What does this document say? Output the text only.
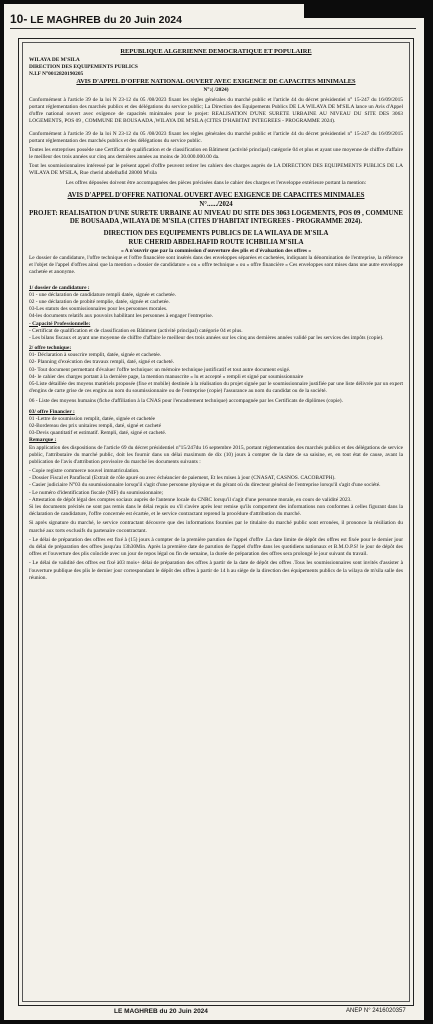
10- LE MAGHREB du 20 Juin 2024
REPUBLIQUE ALGERIENNE DEMOCRATIQUE ET POPULAIRE
WILAYA DE M'SILA
DIRECTION DES EQUIPEMENTS PUBLICS
N.I.F N°0012820190205
AVIS D'APPEL D'OFFRE NATIONAL OUVERT AVEC EXIGENCE DE CAPACITES MINIMALES
N°:( /2024)

Conformément à l'article 39 de la loi N 23-12 du 05 /08/2023 fixant les règles générales du marché public et l'article 44 du décret présidentiel n° 15-247 du 16/09/2015 portant réglementation des marchés publics et des délégations du service public; La Direction des Equipements Publics DE LA WILAYA DE M'SILA lance un Avis d'Appel d'offre national ouvert avec exigence de capacités minimales pour le projet: REALISATION D'UNE SURETE URBAINE AU NIVEAU DU SITE DES 3063 LOGEMENTS, POS 09 , COMMUNE DE BOUSAADA ,WILAYA DE M'SILA (CITES D'HABITAT INTEGREES - PROGRAMME 2024).

Conformément à l'article 39 de la loi N 23-12 du 05 /08/2023 fixant les règles générales du marché public et l'article 44 du décret présidentiel n° 15-247 du 16/09/2015 portant réglementation des marchés publics et des délégations du service public.

Toutes les entreprises possède une Certificat de qualification et de classification en Bâtiment (activité principal) catégorie 04 et plus et ayant une moyenne de chiffre d'affaire le meilleur des trois années sur cinq ans dernières années au moins de 30.000.000.00 da.

Tout les soumissionnaires intéressé par le présent appel d'offre peuvent retirer les cahiers des charges auprès de LA DIRECTION DES EQUIPEMENTS PUBLICS DE LA WILAYA DE M'SILA, Rue cherid abdelhafid 28000 M'sila

Les offres déposées doivent être accompagnées des pièces précisées dans le cahier des charges et l'enveloppe extérieure portant la mention:

AVIS D'APPEL D'OFFRE NATIONAL OUVERT AVEC EXIGENCE DE CAPACITES MINIMALES
N°....../2024
PROJET: REALISATION D'UNE SURETE URBAINE AU NIVEAU DU SITE DES 3063 LOGEMENTS, POS 09 , COMMUNE DE BOUSAADA ,WILAYA DE M'SILA (CITES D'HABITAT INTEGREES - PROGRAMME 2024).
DIRECTION DES EQUIPEMENTS PUBLICS DE LA WILAYA DE M'SILA
RUE CHERID ABDELHAFID ROUTE ICHBILIA M'SILA
« A n'ouvrir que par la commission d'ouverture des plis et d'évaluation des offres »

Le dossier de candidature, l'offre technique et l'offre financière sont insérés dans des enveloppes séparées et cachetées, indiquant la dénomination de l'entreprise, la référence et l'objet de l'appel d'offres ainsi que la mention « dossier de candidature » ou « offre technique » ou « offre financière » Ces enveloppes sont mises dans une autre enveloppe cachetée et anonyme.

1/ dossier de candidature :

01 - une déclaration de candidature rempli datée, signée et cachetée.

02 - une déclaration de probité remplie, datée, signée et cachetée.

03-Les statuts des soumissionnaires pour les personnes morales.

04-les documents relatifs aux pouvoirs habilitant les personnes à engager l'entreprise.

- Capacité Professionnelle:

- Certificat de qualification et de classification en Bâtiment (activité principal) catégorie 04 et plus.

- Les bilans fiscaux et ayant une moyenne de chiffre d'affaire le meilleur des trois années sur les cinq ans dernières années validé par les services des impôts (copie).

2/ offre technique:

01- Déclaration à souscrire remplit, datée, signée et cachetée.

02- Planning d'exécution des travaux rempli, daté, signé et cacheté.

03- Tout document permettant d'évaluer l'offre technique: un mémoire technique justificatif et tout autre document exigé.

04- le cahier des charges portant à la dernière page, la mention manuscrite « lu et accepté » rempli et signé par soumissionnaire

05-Liste détaillée des moyens matériels proposée (fixe et mobile) destinée à la réalisation du projet signée par le soumissionnaire justifiée par une liste délivrée par un expert d'engins de carte grise de ces engins au nom du soumissionnaire ou de l'entreprise (copie) l'assurance au nom du candidat ou de la société.

06 - Liste des moyens humains (fiche d'affiliation à la CNAS pour l'encadrement technique) accompagnée par les Certificats de diplômes (copie).

03/ offre Financier :

01 -Lettre de soumission remplit, datée, signée et cachetée

02-Bordereau des prix unitaires rempli, daté, signé et cacheté

03-Devis quantitatif et estimatif. Rempli, daté, signé et cacheté.

Remarque :

En application des dispositions de l'article 69 du décret présidentiel n°15/247du 16 septembre 2015, portant réglementation des marchés publics et des délégations de service public, l'attributaire du marché public, doit les fournir dans un délai maximum de dix (10) jours à compter de la date de sa saisine, et, en tout état de cause, avant la publication de l'avis d'attribution provisoire du marché les documents suivants :

- Copie registre commerce nouvel immatriculation.

- Dossier Fiscal et Parafiscal (Extrait de rôle apuré ou avec échéancier de paiement, Et les mises à jour (CNASAT, CASNOS. CACOBATPH).

- Casier judiciaire N°03 du soumissionnaire lorsqu'il s'agit d'une personne physique et du gérant où du directeur général de l'entreprise lorsqu'il s'agit d'une société.

- Le numéro d'identification fiscale (NIF) du soumissionnaire;

- Attestation de dépôt légal des comptes sociaux auprès de l'antenne locale du CNRC lorsqu'il s'agit d'une personne morale, en cours de validité 2023.

Si les documents précités ne sont pas remis dans le délai requis ou s'il s'avère après leur remise qu'ils comportent des informations non conformes à celles figurant dans la déclaration de candidature, l'offre concernée est écartée, et le service contractant reprend la procédure d'attribution du marché.

Si après signature du marché, le service contractant découvre que des informations fournies par le titulaire du marché public sont erronées, il prononce la résiliation du marché aux torts exclusifs du partenaire cocontractant.

- Le délai de préparation des offres est fixé à (15) jours à compter de la première parution de l'appel d'offre .La date limite de dépôt des offres est fixée pour le dernier jour du délai de préparation des offres jusqu'au 13h30Min. Après la première date de parution de l'appel d'offre dans les quotidiens nationaux et B.M.O.P.S! le jour de dépôt des offres et l'ouverture des plis coïncide avec un jour de repos légal ou fin de semaine, la durée de préparation des offres sera prolongé le jour suivant du travail.

- Le délai de validité des offres est fixé à03 mois+ délai de préparation des offres à partir de la date de dépôt des offres .Tous les soumissionnaires sont invités d'assister à l'ouverture publique des plis le dernier jour correspondant le dépôt des offres à partir de 14 h au siège de la direction des équipements publics de la wilaya de m'sila salle des réunion.

LE MAGHREB du 20 Juin 2024	ANEP N° 2416020357
